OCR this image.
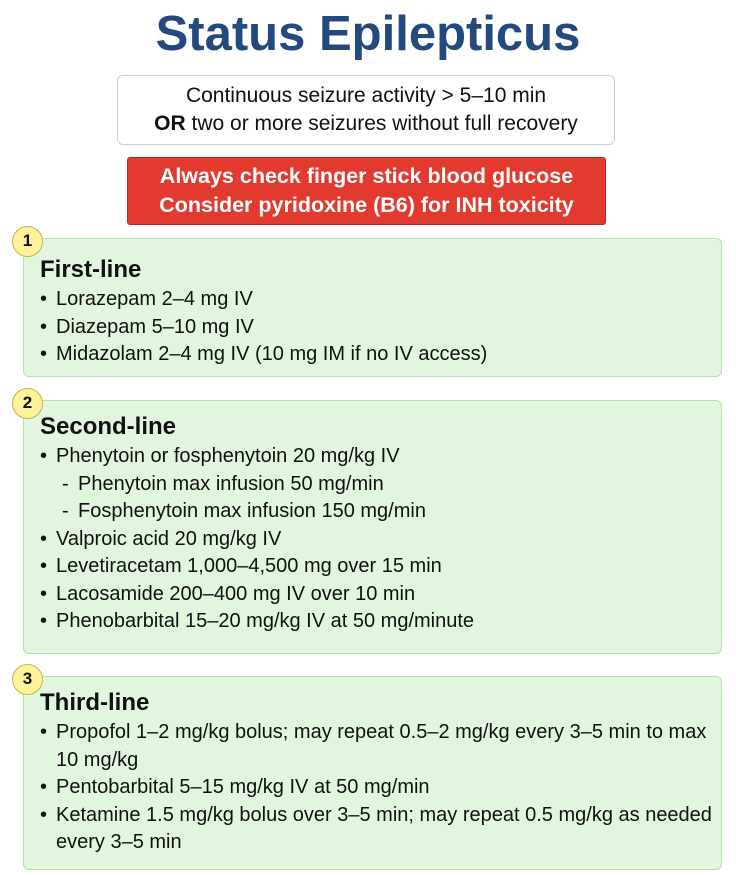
Status Epilepticus
Continuous seizure activity > 5–10 min
OR two or more seizures without full recovery
Always check finger stick blood glucose
Consider pyridoxine (B6) for INH toxicity
First-line
• Lorazepam 2–4 mg IV
• Diazepam 5–10 mg IV
• Midazolam 2–4 mg IV (10 mg IM if no IV access)
1
Second-line
• Phenytoin or fosphenytoin 20 mg/kg IV
- Phenytoin max infusion 50 mg/min
- Fosphenytoin max infusion 150 mg/min
• Valproic acid 20 mg/kg IV
• Levetiracetam 1,000–4,500 mg over 15 min
• Lacosamide 200–400 mg IV over 10 min
• Phenobarbital 15–20 mg/kg IV at 50 mg/minute
2
Third-line
• Propofol 1–2 mg/kg bolus; may repeat 0.5–2 mg/kg every 3–5 min to max 10 mg/kg
• Pentobarbital 5–15 mg/kg IV at 50 mg/min
• Ketamine 1.5 mg/kg bolus over 3–5 min; may repeat 0.5 mg/kg as needed every 3–5 min
3
